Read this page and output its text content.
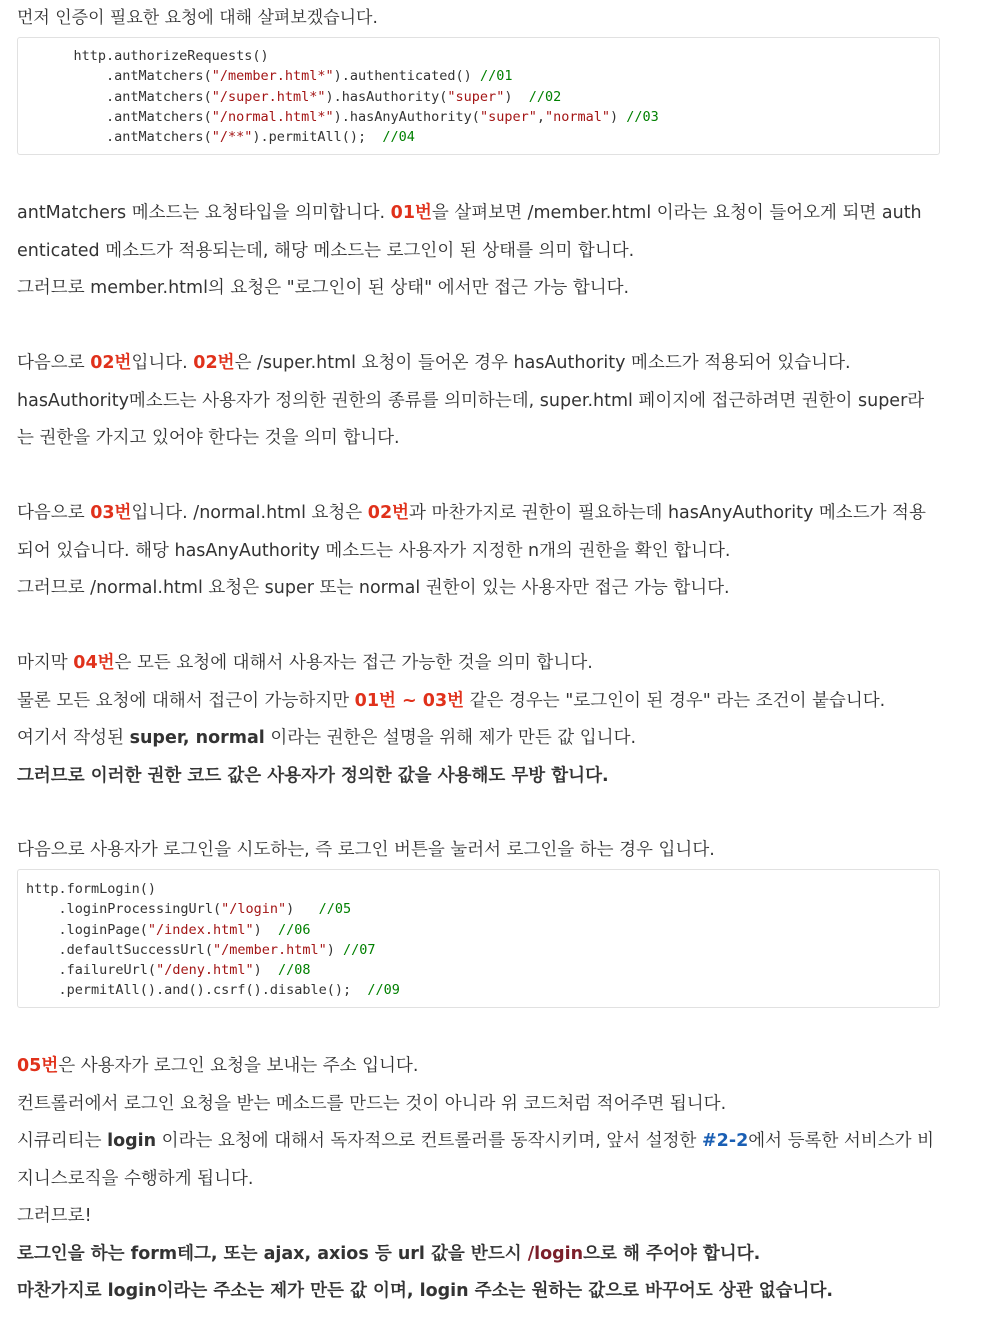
먼저 인증이 필요한 요청에 대해 살펴보겠습니다.
http.authorizeRequests()
.antMatchers("/member.html*").authenticated() //01
.antMatchers("/super.html*").hasAuthority("super")  //02
.antMatchers("/normal.html*").hasAnyAuthority("super","normal") //03
.antMatchers("/**").permitAll();  //04
antMatchers 메소드는 요청타입을 의미합니다. 01번을 살펴보면 /member.html 이라는 요청이 들어오게 되면 auth
enticated 메소드가 적용되는데, 해당 메소드는 로그인이 된 상태를 의미 합니다.
그러므로 member.html의 요청은 "로그인이 된 상태" 에서만 접근 가능 합니다.
다음으로 02번입니다. 02번은 /super.html 요청이 들어온 경우 hasAuthority 메소드가 적용되어 있습니다.
hasAuthority메소드는 사용자가 정의한 권한의 종류를 의미하는데, super.html 페이지에 접근하려면 권한이 super라
는 권한을 가지고 있어야 한다는 것을 의미 합니다.
다음으로 03번입니다. /normal.html 요청은 02번과 마찬가지로 권한이 필요하는데 hasAnyAuthority 메소드가 적용
되어 있습니다. 해당 hasAnyAuthority 메소드는 사용자가 지정한 n개의 권한을 확인 합니다.
그러므로 /normal.html 요청은 super 또는 normal 권한이 있는 사용자만 접근 가능 합니다.
마지막 04번은 모든 요청에 대해서 사용자는 접근 가능한 것을 의미 합니다.
물론 모든 요청에 대해서 접근이 가능하지만 01번 ~ 03번 같은 경우는 "로그인이 된 경우" 라는 조건이 붙습니다.
여기서 작성된 super, normal 이라는 권한은 설명을 위해 제가 만든 값 입니다.
그러므로 이러한 권한 코드 값은 사용자가 정의한 값을 사용해도 무방 합니다.
다음으로 사용자가 로그인을 시도하는, 즉 로그인 버튼을 눌러서 로그인을 하는 경우 입니다.
http.formLogin()
.loginProcessingUrl("/login")   //05
.loginPage("/index.html")  //06
.defaultSuccessUrl("/member.html") //07
.failureUrl("/deny.html")  //08
.permitAll().and().csrf().disable();  //09
05번은 사용자가 로그인 요청을 보내는 주소 입니다.
컨트롤러에서 로그인 요청을 받는 메소드를 만드는 것이 아니라 위 코드처럼 적어주면 됩니다.
시큐리티는 login 이라는 요청에 대해서 독자적으로 컨트롤러를 동작시키며, 앞서 설정한 #2-2에서 등록한 서비스가 비
지니스로직을 수행하게 됩니다.
그러므로!
로그인을 하는 form테그, 또는 ajax, axios 등 url 값을 반드시 /login으로 해 주어야 합니다.
마찬가지로 login이라는 주소는 제가 만든 값 이며, login 주소는 원하는 값으로 바꾸어도 상관 없습니다.
